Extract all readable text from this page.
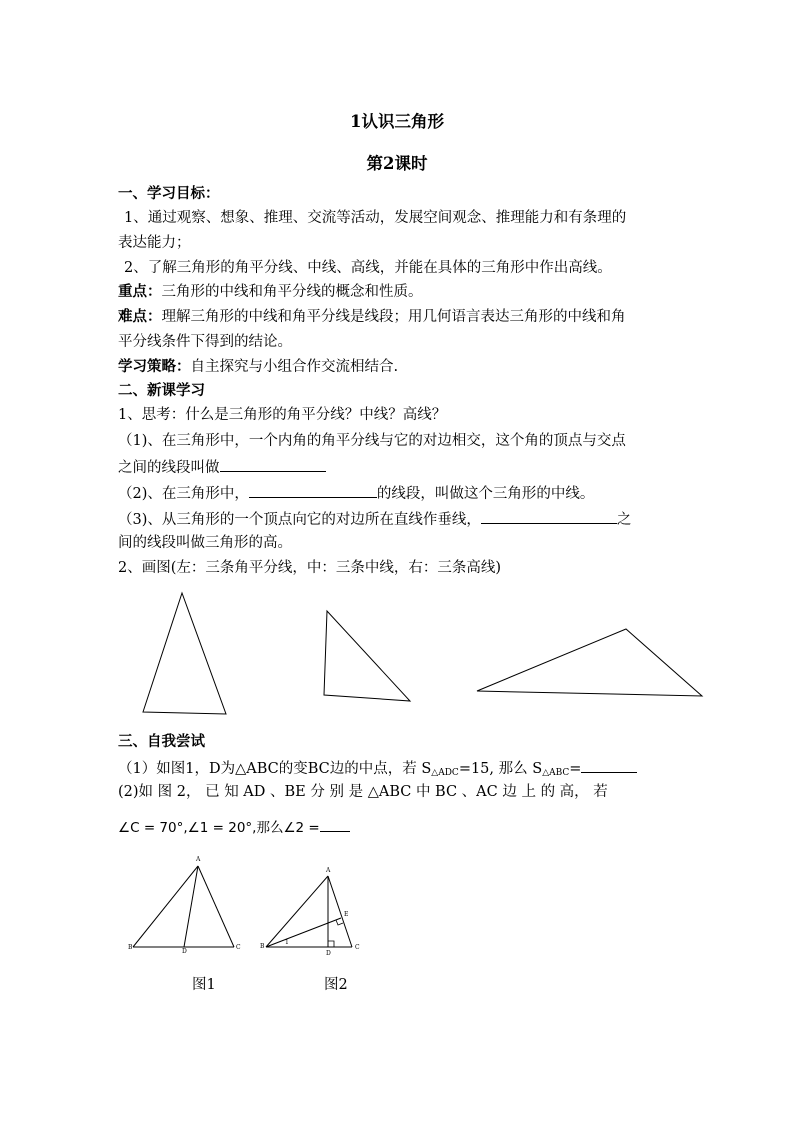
1认识三角形
第2课时
一、学习目标：
1、通过观察、想象、推理、交流等活动，发展空间观念、推理能力和有条理的
表达能力；
2、了解三角形的角平分线、中线、高线，并能在具体的三角形中作出高线。
重点：三角形的中线和角平分线的概念和性质。
难点：理解三角形的中线和角平分线是线段；用几何语言表达三角形的中线和角
平分线条件下得到的结论。
学习策略：自主探究与小组合作交流相结合.
二、新课学习
1、思考：什么是三角形的角平分线？中线？高线？
（1)、在三角形中，一个内角的角平分线与它的对边相交，这个角的顶点与交点
之间的线段叫做
（2)、在三角形中，	的线段，叫做这个三角形的中线。
（3)、从三角形的一个顶点向它的对边所在直线作垂线，	之
间的线段叫做三角形的高。
2、画图(左：三条角平分线，中：三条中线，右：三条高线)
A
B
D
C
A
B
D
C
E
1
三、自我尝试
（1）如图1，D为△ABC的变BC边的中点，若 $S_{\triangle ADC}=15$, 那么 $S_{\triangle ABC}=$
(2)如 图 2， 已 知 AD 、BE 分 别 是 △ABC 中 BC 、AC 边 上 的 高， 若
∠C = 70°,∠1 = 20°,那么∠2 =
图1	图2
